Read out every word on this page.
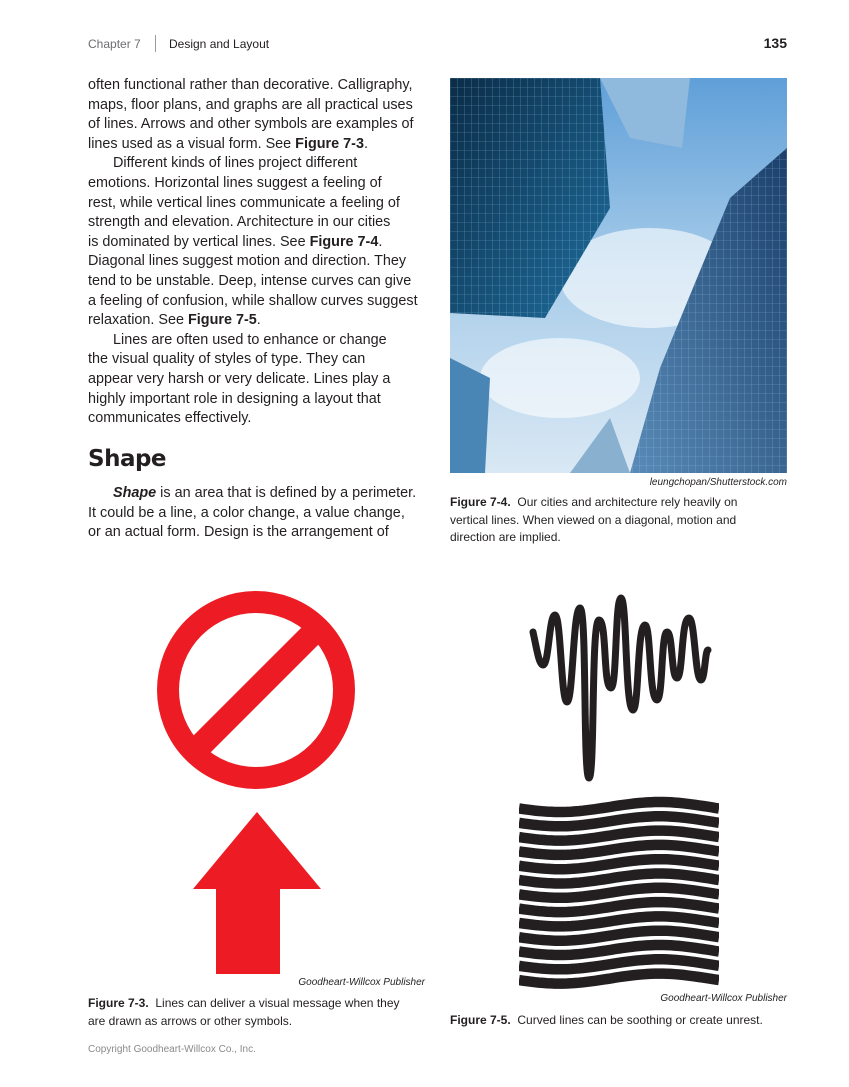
Chapter 7 Design and Layout	135
often functional rather than decorative. Calligraphy,
maps, floor plans, and graphs are all practical uses
of lines. Arrows and other symbols are examples of
lines used as a visual form. See Figure 7-3.
Different kinds of lines project different
emotions. Horizontal lines suggest a feeling of
rest, while vertical lines communicate a feeling of
strength and elevation. Architecture in our cities
is dominated by vertical lines. See Figure 7-4.
Diagonal lines suggest motion and direction. They
tend to be unstable. Deep, intense curves can give
a feeling of confusion, while shallow curves suggest
relaxation. See Figure 7-5.
Lines are often used to enhance or change
the visual quality of styles of type. They can
appear very harsh or very delicate. Lines play a
highly important role in designing a layout that
communicates effectively.
Shape
Shape is an area that is defined by a perimeter.
It could be a line, a color change, a value change,
or an actual form. Design is the arrangement of
leungchopan/Shutterstock.com
Figure 7-4. Our cities and architecture rely heavily on
vertical lines. When viewed on a diagonal, motion and
direction are implied.
Goodheart-Willcox Publisher
Figure 7-3. Lines can deliver a visual message when they
are drawn as arrows or other symbols.
Goodheart-Willcox Publisher
Figure 7-5. Curved lines can be soothing or create unrest.
Copyright Goodheart-Willcox Co., Inc.
